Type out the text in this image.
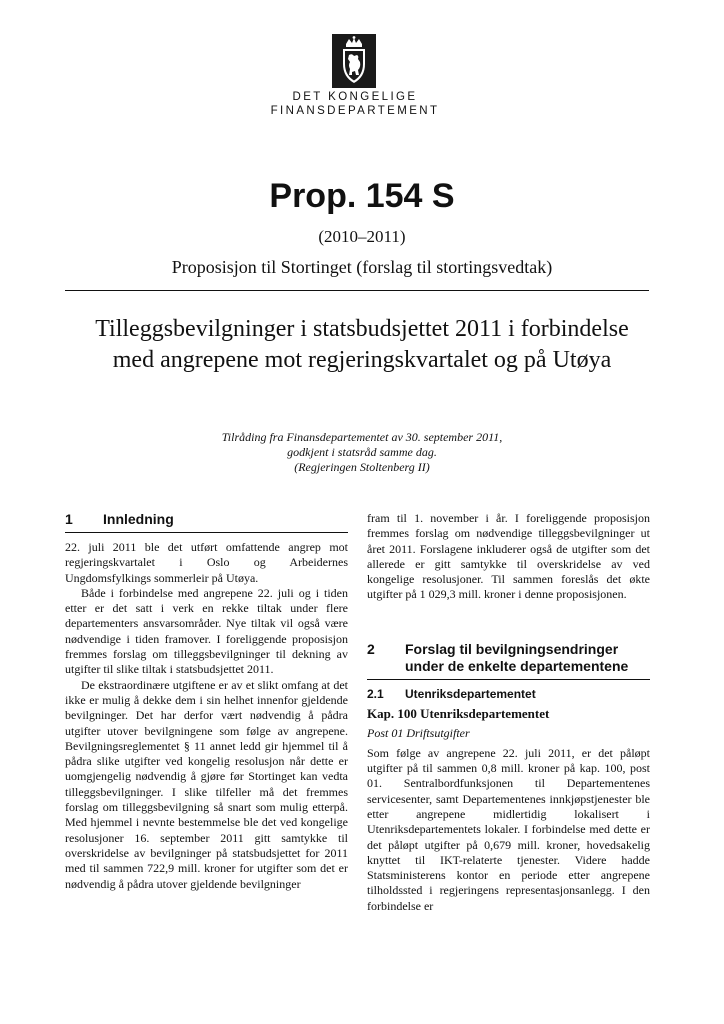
DET KONGELIGE
FINANSDEPARTEMENT
Prop. 154 S
(2010–2011)
Proposisjon til Stortinget (forslag til stortingsvedtak)
Tilleggsbevilgninger i statsbudsjettet 2011 i forbindelse med angrepene mot regjeringskvartalet og på Utøya
Tilråding fra Finansdepartementet av 30. september 2011,
godkjent i statsråd samme dag.
(Regjeringen Stoltenberg II)
1	Innledning

22. juli 2011 ble det utført omfattende angrep mot regjeringskvartalet i Oslo og Arbeidernes Ungdomsfylkings sommerleir på Utøya.

Både i forbindelse med angrepene 22. juli og i tiden etter er det satt i verk en rekke tiltak under flere departementers ansvarsområder. Nye tiltak vil også være nødvendige i tiden framover. I foreliggende proposisjon fremmes forslag om tilleggsbevilgninger til dekning av utgifter til slike tiltak i statsbudsjettet 2011.

De ekstraordinære utgiftene er av et slikt omfang at det ikke er mulig å dekke dem i sin helhet innenfor gjeldende bevilgninger. Det har derfor vært nødvendig å pådra utgifter utover bevilgningene som følge av angrepene. Bevilgningsreglementet § 11 annet ledd gir hjemmel til å pådra slike utgifter ved kongelig resolusjon når dette er uomgjengelig nødvendig å gjøre før Stortinget kan vedta tilleggsbevilgninger. I slike tilfeller må det fremmes forslag om tilleggsbevilgning så snart som mulig etterpå. Med hjemmel i nevnte bestemmelse ble det ved kongelige resolusjoner 16. september 2011 gitt samtykke til overskridelse av bevilgninger på statsbudsjettet for 2011 med til sammen 722,9 mill. kroner for utgifter som det er nødvendig å pådra utover gjeldende bevilgninger

fram til 1. november i år. I foreliggende proposisjon fremmes forslag om nødvendige tilleggsbevilgninger ut året 2011. Forslagene inkluderer også de utgifter som det allerede er gitt samtykke til overskridelse av ved kongelige resolusjoner. Til sammen foreslås det økte utgifter på 1 029,3 mill. kroner i denne proposisjonen.

2	Forslag til bevilgningsendringer under de enkelte departementene
2.1	Utenriksdepartementet
Kap. 100 Utenriksdepartementet
Post 01 Driftsutgifter

Som følge av angrepene 22. juli 2011, er det påløpt utgifter på til sammen 0,8 mill. kroner på kap. 100, post 01. Sentralbordfunksjonen til Departementenes servicesenter, samt Departementenes innkjøpstjenester ble etter angrepene midlertidig lokalisert i Utenriksdepartementets lokaler. I forbindelse med dette er det påløpt utgifter på 0,679 mill. kroner, hovedsakelig knyttet til IKT-relaterte tjenester. Videre hadde Statsministerens kontor en periode etter angrepene tilholdssted i regjeringens representasjonsanlegg. I den forbindelse er
